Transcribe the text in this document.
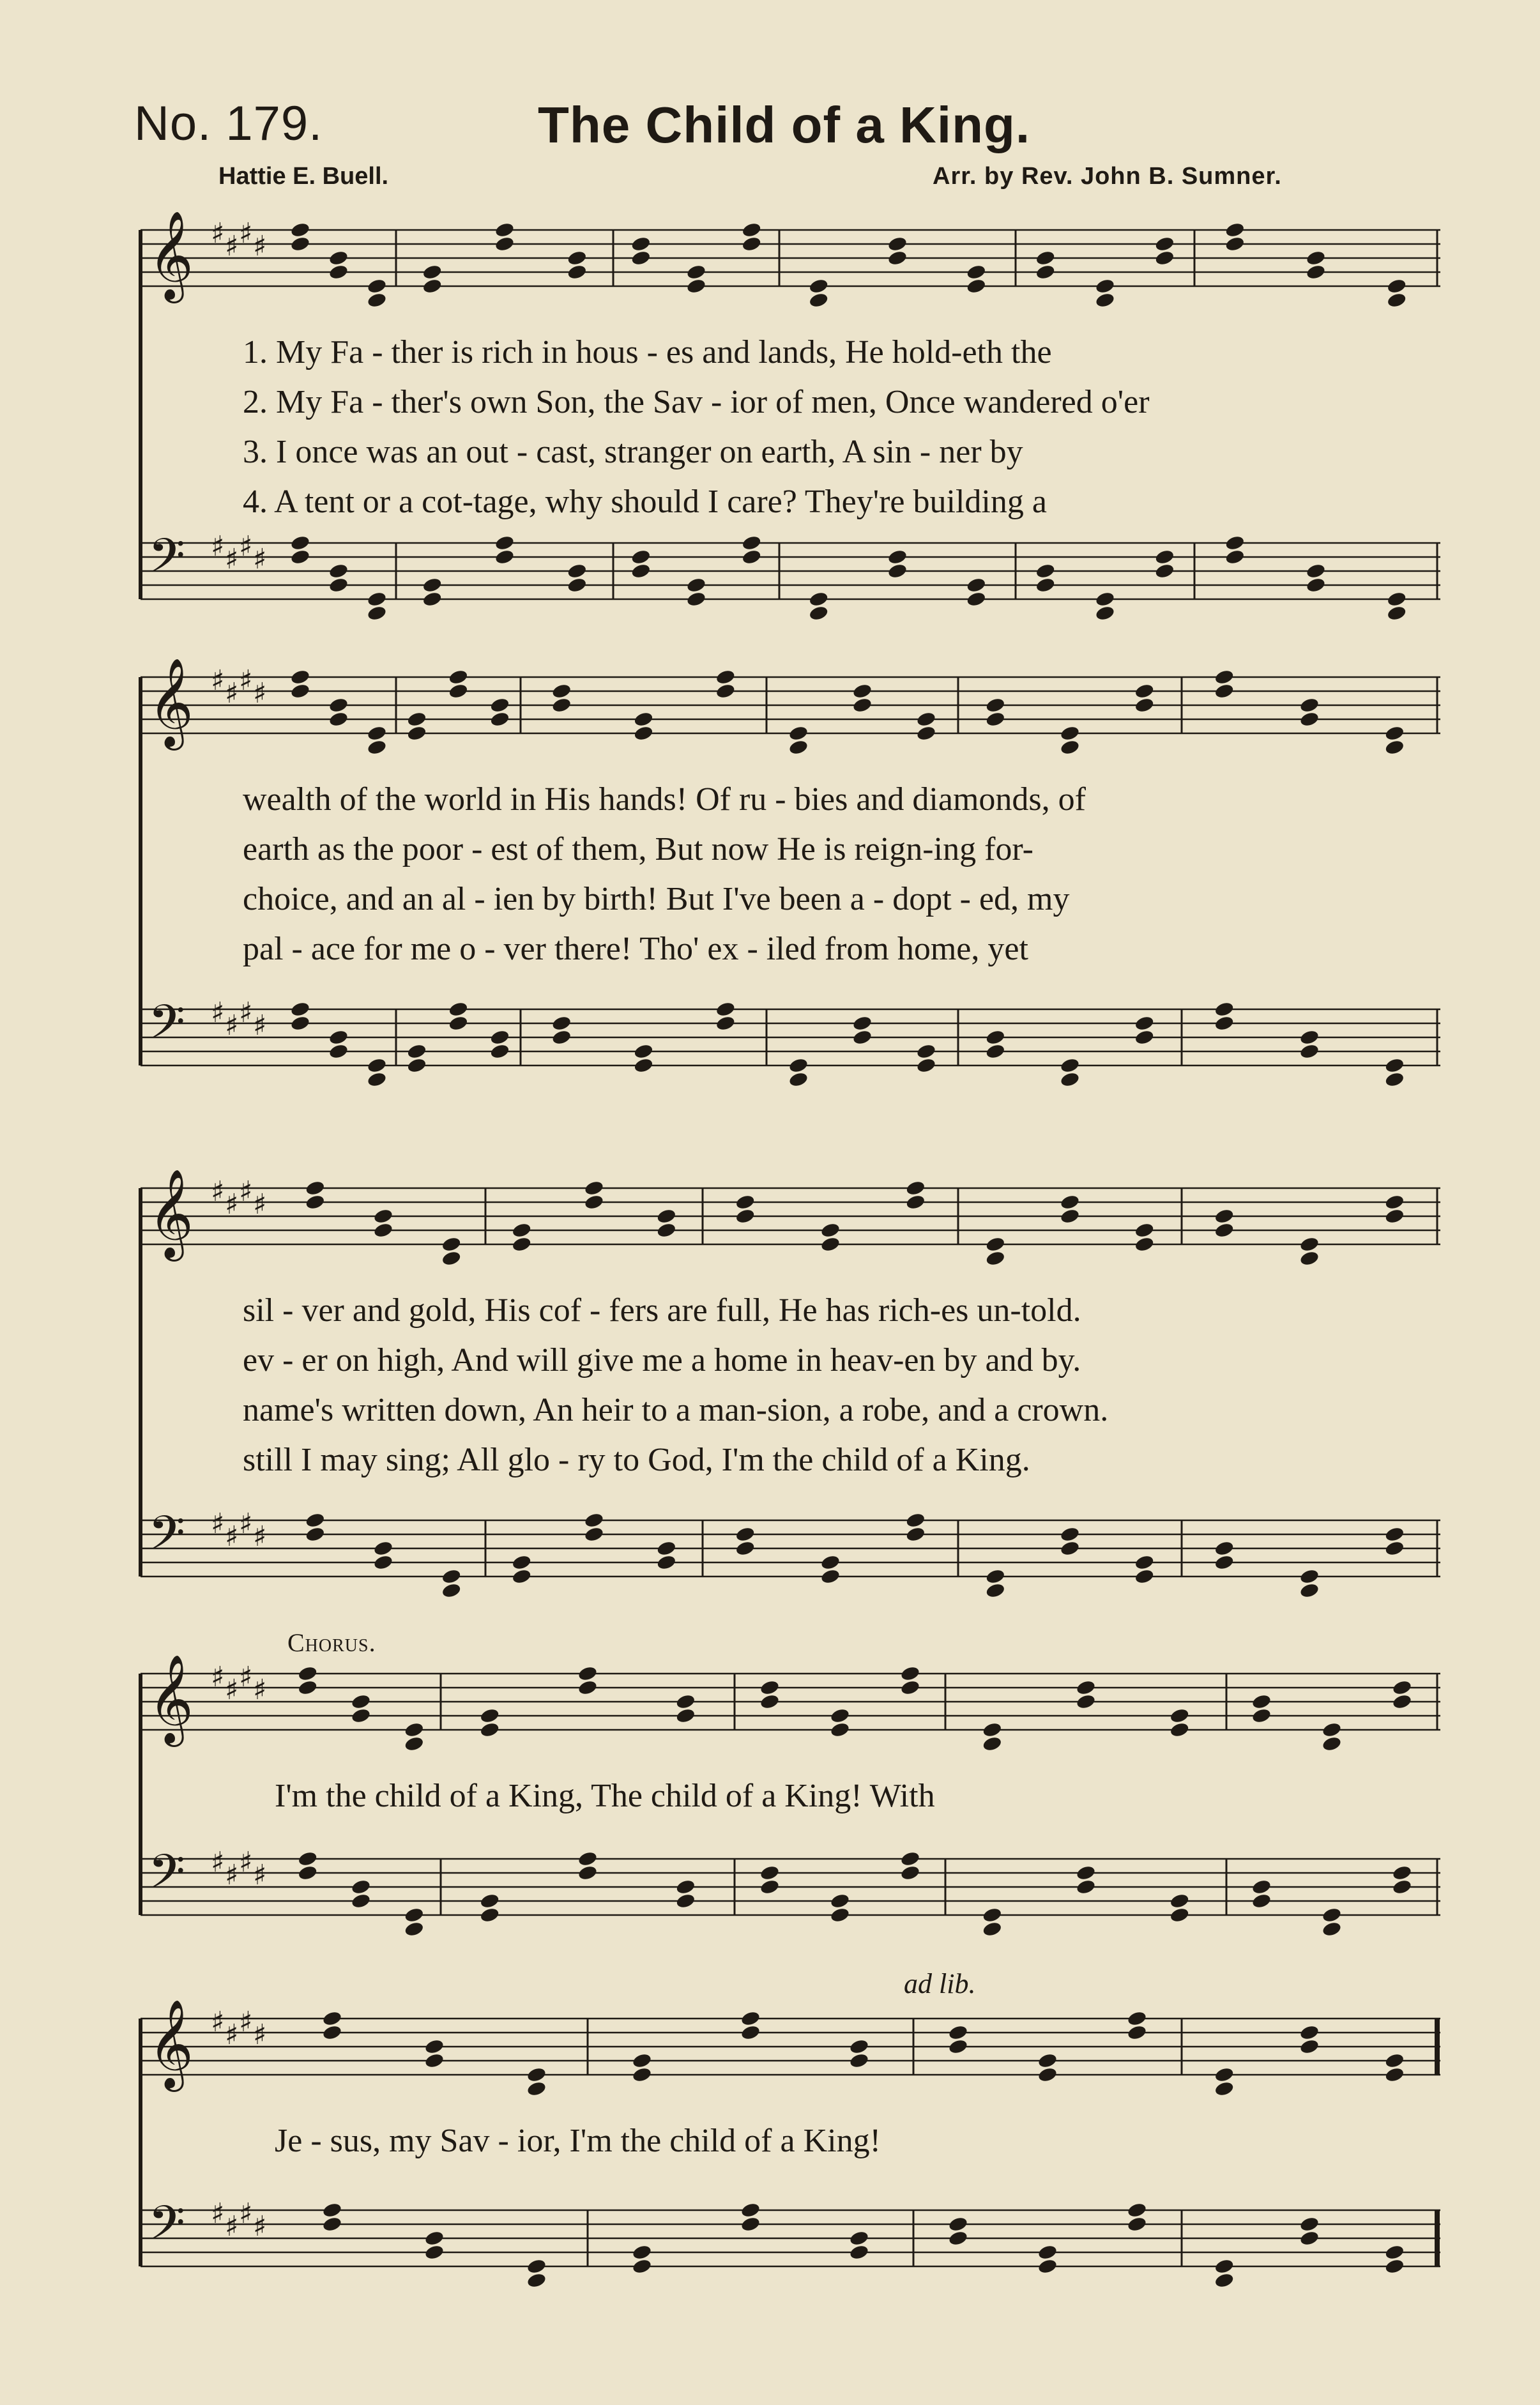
No. 179.	The Child of a King.
Hattie E. Buell.	Arr. by Rev. John B. Sumner.
𝄞 ♯ ♯ ♯ ♯
𝄢 ♯ ♯ ♯ ♯
𝄞 ♯ ♯ ♯ ♯
𝄢 ♯ ♯ ♯ ♯
𝄞 ♯ ♯ ♯ ♯
𝄢 ♯ ♯ ♯ ♯
𝄞 ♯ ♯ ♯ ♯
𝄢 ♯ ♯ ♯ ♯
𝄞 ♯ ♯ ♯ ♯
𝄢 ♯ ♯ ♯ ♯
1. My Fa - ther is rich in hous - es and lands, He hold-eth the
2. My Fa - ther's own Son, the Sav - ior of men, Once wandered o'er
3. I once was an out - cast, stranger on earth, A sin - ner by
4. A tent or a cot-tage, why should I care? They're building a
wealth of the world in His hands! Of ru - bies and diamonds, of
earth as the poor - est of them, But now He is reign-ing for-
choice, and an al - ien by birth! But I've been a - dopt - ed, my
pal - ace for me o - ver there! Tho' ex - iled from home, yet
sil - ver and gold, His cof - fers are full, He has rich-es un-told.
ev - er on high, And will give me a home in heav-en by and by.
name's written down, An heir to a man-sion, a robe, and a crown.
still I may sing; All glo - ry to God, I'm the child of a King.
Chorus.
I'm the child of a King, The child of a King! With
ad lib.
Je - sus, my Sav - ior, I'm the child of a King!
